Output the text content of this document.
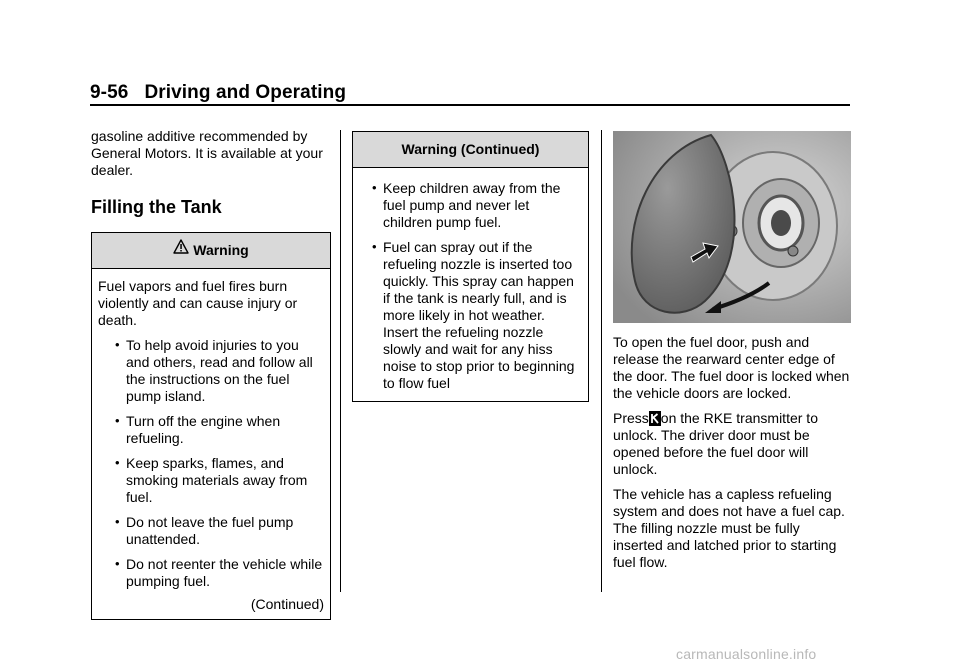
9-56 Driving and Operating

gasoline additive recommended by General Motors. It is available at your dealer.

Filling the Tank
Warning

Fuel vapors and fuel fires burn violently and can cause injury or death.

• To help avoid injuries to you and others, read and follow all the instructions on the fuel pump island.
• Turn off the engine when refueling.
• Keep sparks, flames, and smoking materials away from fuel.
• Do not leave the fuel pump unattended.
• Do not reenter the vehicle while pumping fuel.
(Continued)
Warning (Continued)
• Keep children away from the fuel pump and never let children pump fuel.
• Fuel can spray out if the refueling nozzle is inserted too quickly. This spray can happen if the tank is nearly full, and is more likely in hot weather. Insert the refueling nozzle slowly and wait for any hiss noise to stop prior to beginning to flow fuel

To open the fuel door, push and release the rearward center edge of the door. The fuel door is locked when the vehicle doors are locked.

Press on the RKE transmitter to unlock. The driver door must be opened before the fuel door will unlock.

The vehicle has a capless refueling system and does not have a fuel cap. The filling nozzle must be fully inserted and latched prior to starting fuel flow.

carmanualsonline.info
